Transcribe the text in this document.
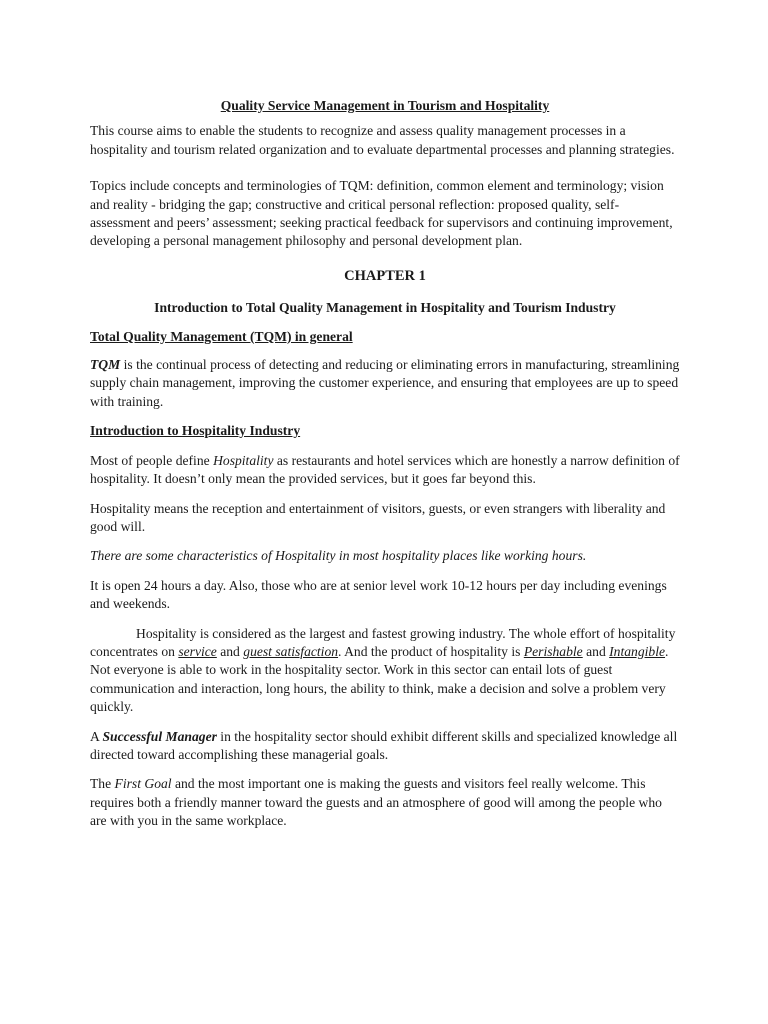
Quality Service Management in Tourism and Hospitality

This course aims to enable the students to recognize and assess quality management processes in a hospitality and tourism related organization and to evaluate departmental processes and planning strategies.

Topics include concepts and terminologies of TQM: definition, common element and terminology; vision and reality - bridging the gap; constructive and critical personal reflection: proposed quality, self- assessment and peers’ assessment; seeking practical feedback for supervisors and continuing improvement, developing a personal management philosophy and personal development plan.

CHAPTER 1

Introduction to Total Quality Management in Hospitality and Tourism Industry

Total Quality Management (TQM) in general

TQM is the continual process of detecting and reducing or eliminating errors in manufacturing, streamlining supply chain management, improving the customer experience, and ensuring that employees are up to speed with training.

Introduction to Hospitality Industry

Most of people define Hospitality as restaurants and hotel services which are honestly a narrow definition of hospitality. It doesn’t only mean the provided services, but it goes far beyond this.

Hospitality means the reception and entertainment of visitors, guests, or even strangers with liberality and good will.

There are some characteristics of Hospitality in most hospitality places like working hours.

It is open 24 hours a day. Also, those who are at senior level work 10-12 hours per day including evenings and weekends.

Hospitality is considered as the largest and fastest growing industry. The whole effort of hospitality concentrates on service and guest satisfaction. And the product of hospitality is Perishable and Intangible. Not everyone is able to work in the hospitality sector. Work in this sector can entail lots of guest communication and interaction, long hours, the ability to think, make a decision and solve a problem very quickly.

A Successful Manager in the hospitality sector should exhibit different skills and specialized knowledge all directed toward accomplishing these managerial goals.

The First Goal and the most important one is making the guests and visitors feel really welcome. This requires both a friendly manner toward the guests and an atmosphere of good will among the people who are with you in the same workplace.
